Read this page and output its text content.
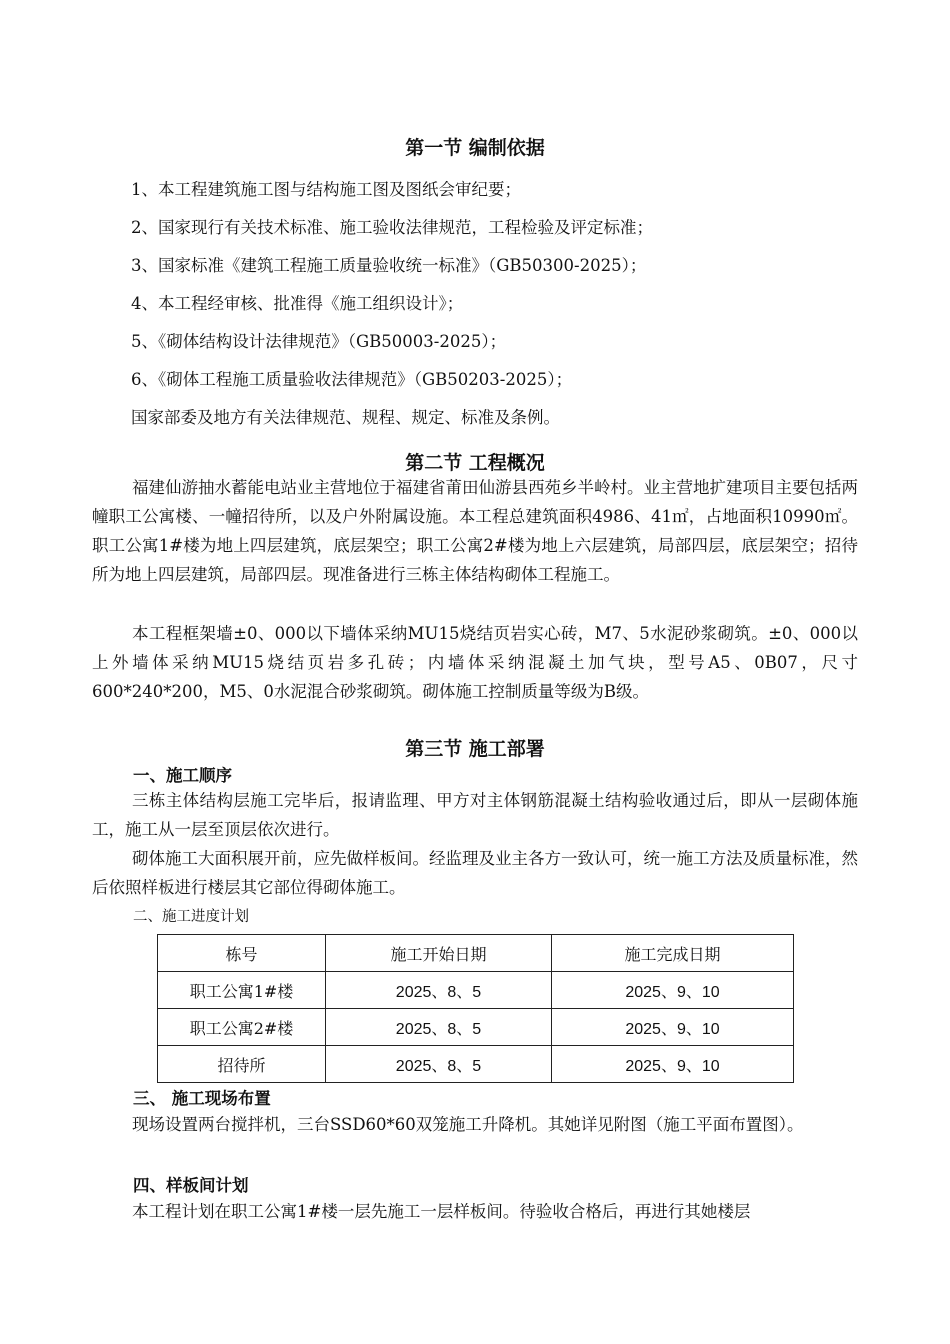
第一节 编制依据
1、本工程建筑施工图与结构施工图及图纸会审纪要；
2、国家现行有关技术标准、施工验收法律规范，工程检验及评定标准；
3、国家标准《建筑工程施工质量验收统一标准》（GB50300-2025）；
4、本工程经审核、批准得《施工组织设计》；
5、《砌体结构设计法律规范》（GB50003-2025）；
6、《砌体工程施工质量验收法律规范》（GB50203-2025）；
国家部委及地方有关法律规范、规程、规定、标准及条例。
第二节 工程概况
福建仙游抽水蓄能电站业主营地位于福建省莆田仙游县西苑乡半岭村。业主营地扩建项目主要包括两幢职工公寓楼、一幢招待所，以及户外附属设施。本工程总建筑面积4986、41㎡，占地面积10990㎡。职工公寓1#楼为地上四层建筑，底层架空；职工公寓2#楼为地上六层建筑，局部四层，底层架空；招待所为地上四层建筑，局部四层。现准备进行三栋主体结构砌体工程施工。
本工程框架墙±0、000以下墙体采纳MU15烧结页岩实心砖，M7、5水泥砂浆砌筑。±0、000以上外墙体采纳MU15烧结页岩多孔砖；内墙体采纳混凝土加气块，型号A5、0B07，尺寸600*240*200，M5、0水泥混合砂浆砌筑。砌体施工控制质量等级为B级。
第三节 施工部署
一、施工顺序
三栋主体结构层施工完毕后，报请监理、甲方对主体钢筋混凝土结构验收通过后，即从一层砌体施工，施工从一层至顶层依次进行。
砌体施工大面积展开前，应先做样板间。经监理及业主各方一致认可，统一施工方法及质量标准，然后依照样板进行楼层其它部位得砌体施工。
二、施工进度计划
栋号	施工开始日期	施工完成日期
职工公寓1#楼	2025、8、5	2025、9、10
职工公寓2#楼	2025、8、5	2025、9、10
招待所	2025、8、5	2025、9、10
三、 施工现场布置
现场设置两台搅拌机，三台SSD60*60双笼施工升降机。其她详见附图（施工平面布置图）。
四、样板间计划
本工程计划在职工公寓1#楼一层先施工一层样板间。待验收合格后，再进行其她楼层
